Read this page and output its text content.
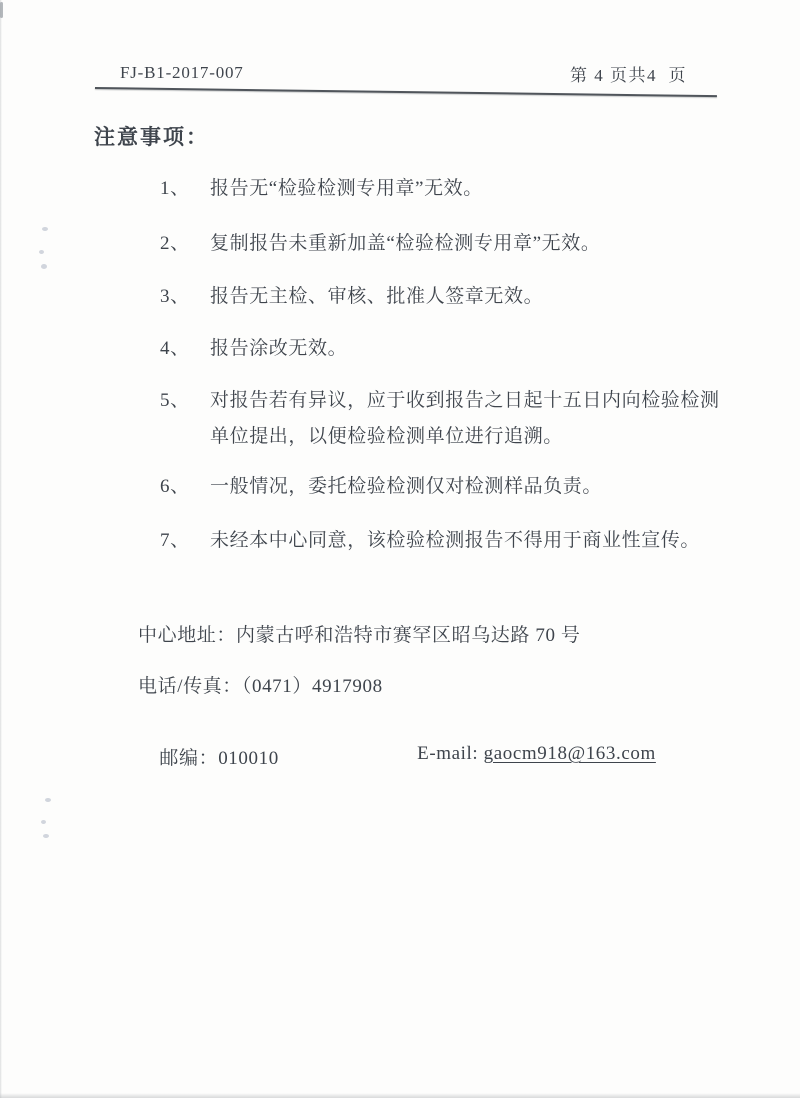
FJ-B1-2017-007	第 4 页共4  页
注意事项：
1、	报告无“检验检测专用章”无效。
2、	复制报告未重新加盖“检验检测专用章”无效。
3、	报告无主检、审核、批准人签章无效。
4、	报告涂改无效。
5、	对报告若有异议，应于收到报告之日起十五日内向检验检测单位提出，以便检验检测单位进行追溯。
6、	一般情况，委托检验检测仅对检测样品负责。
7、	未经本中心同意，该检验检测报告不得用于商业性宣传。
中心地址：内蒙古呼和浩特市赛罕区昭乌达路 70 号
电话/传真：（0471）4917908

邮编：010010
	E-mail: gaocm918@163.com
